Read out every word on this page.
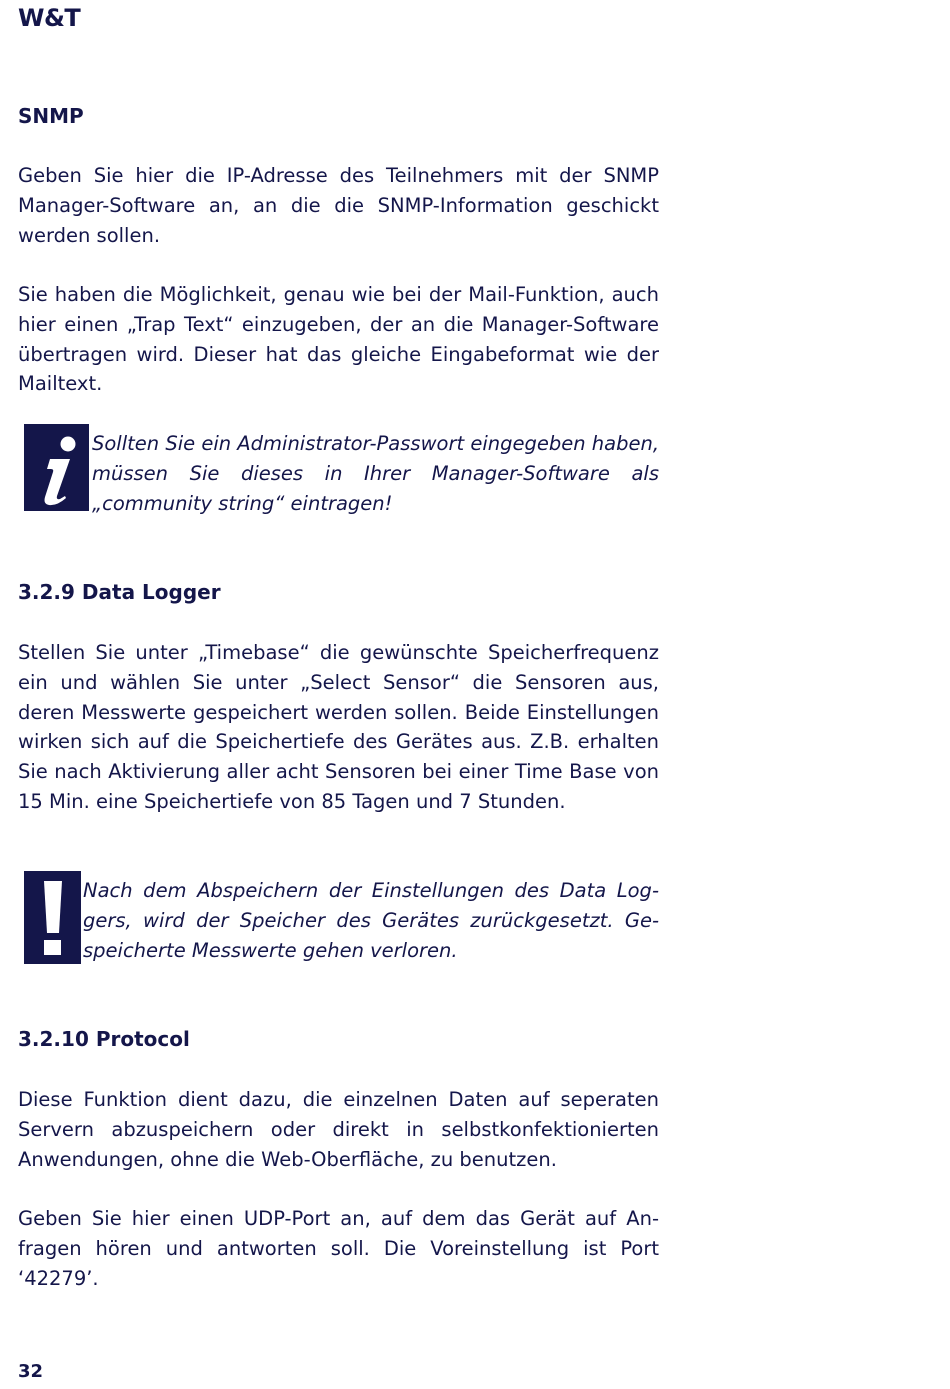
W&T
SNMP

Geben Sie hier die IP-Adresse des Teilnehmers mit der SNMP Manager-Software an, an die die SNMP-Information geschickt werden sollen.

Sie haben die Möglichkeit, genau wie bei der Mail-Funktion, auch hier einen „Trap Text“ einzugeben, der an die Manager-Software übertragen wird. Dieser hat das gleiche Eingabeformat wie der Mailtext.

Sollten Sie ein Administrator-Passwort eingegeben haben, müssen Sie dieses in Ihrer Manager-Software als „community string“ eintragen!

3.2.9 Data Logger

Stellen Sie unter „Timebase“ die gewünschte Speicherfrequenz ein und wählen Sie unter „Select Sensor“ die Sensoren aus, deren Messwerte gespeichert werden sollen. Beide Einstellungen wirken sich auf die Speichertiefe des Gerätes aus. Z.B. erhalten Sie nach Aktivierung aller acht Sensoren bei einer Time Base von 15 Min. eine Speichertiefe von 85 Tagen und 7 Stunden.

Nach dem Abspeichern der Einstellungen des Data Loggers, wird der Speicher des Gerätes zurückgesetzt. Gespeicherte Messwerte gehen verloren.

3.2.10 Protocol

Diese Funktion dient dazu, die einzelnen Daten auf seperaten Servern abzuspeichern oder direkt in selbstkonfektionierten Anwendungen, ohne die Web-Oberfläche, zu benutzen.

Geben Sie hier einen UDP-Port an, auf dem das Gerät auf Anfragen hören und antworten soll. Die Voreinstellung ist Port ‘42279’.

32
